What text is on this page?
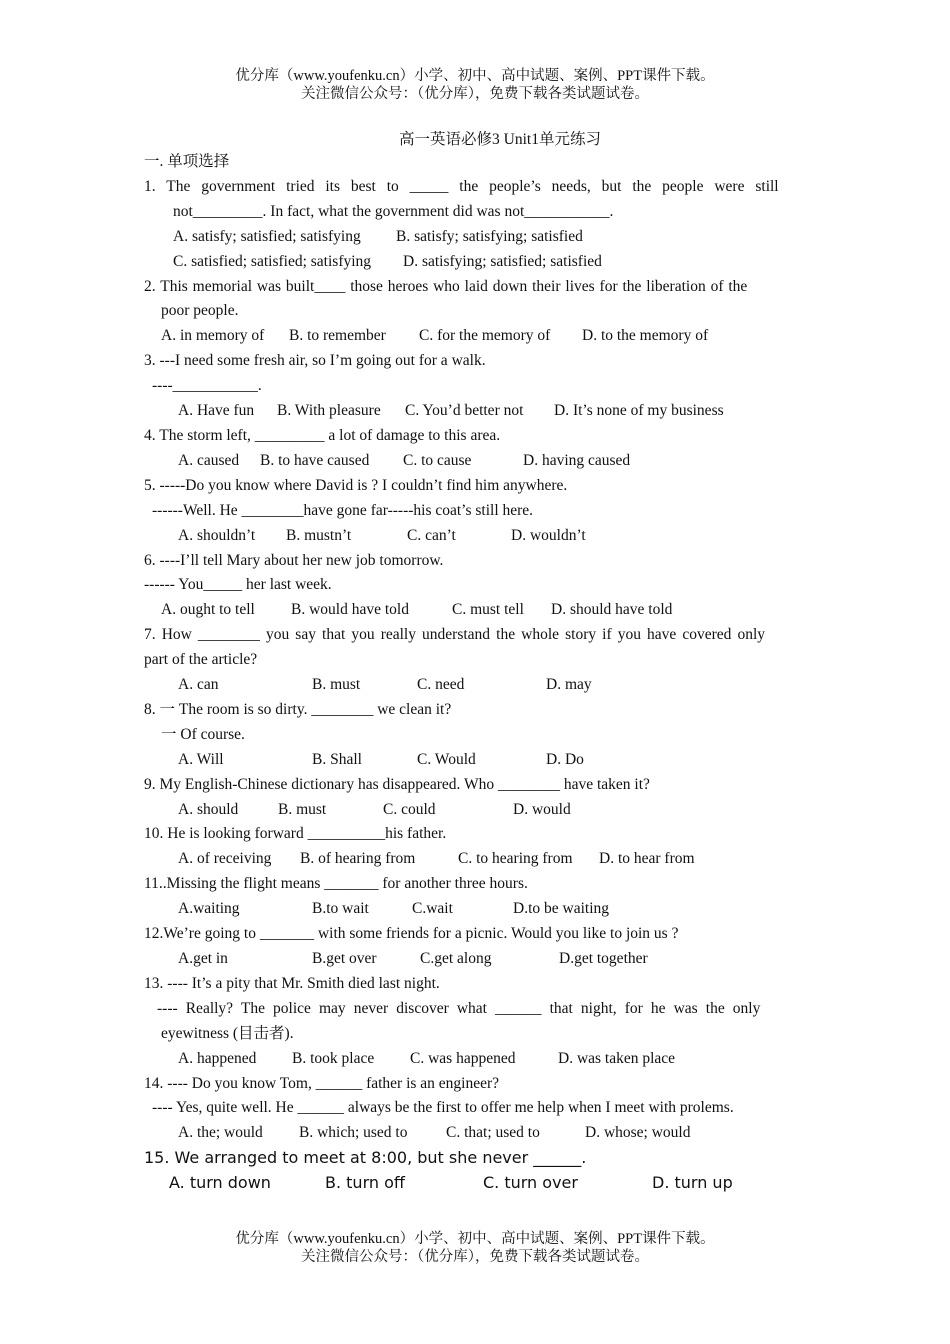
优分库（www.youfenku.cn）小学、初中、高中试题、案例、PPT课件下载。
关注微信公众号：（优分库），免费下载各类试题试卷。
高一英语必修3 Unit1单元练习
一. 单项选择
1. The government tried its best to _____ the people’s needs, but the people were still
not_________. In fact, what the government did was not___________.
A. satisfy; satisfied; satisfying B. satisfy; satisfying; satisfied
C. satisfied; satisfied; satisfying D. satisfying; satisfied; satisfied
2. This memorial was built____ those heroes who laid down their lives for the liberation of the
poor people.
A. in memory of B. to remember C. for the memory of D. to the memory of
3. ---I need some fresh air, so I’m going out for a walk.
----___________.
A. Have fun B. With pleasure C. You’d better not D. It’s none of my business
4. The storm left, _________ a lot of damage to this area.
A. caused B. to have caused C. to cause	D. having caused
5. -----Do you know where David is ? I couldn’t find him anywhere.
------Well. He ________have gone far-----his coat’s still here.
A. shouldn’t B. mustn’t	C. can’t	D. wouldn’t
6. ----I’ll tell Mary about her new job tomorrow.
------ You_____ her last week.
A. ought to tell B. would have told	C. must tell D. should have told
7. How ________ you say that you really understand the whole story if you have covered only
part of the article?
A. can	B. must	C. need	D. may
8. 一 The room is so dirty. ________ we clean it?
一 Of course.
A. Will	B. Shall	C. Would	D. Do
9. My English-Chinese dictionary has disappeared. Who ________ have taken it?
A. should	B. must	C. could	D. would
10. He is looking forward __________his father.
A. of receiving B. of hearing from	C. to hearing from D. to hear from
11..Missing the flight means _______ for another three hours.
A.waiting	B.to wait	C.wait	D.to be waiting
12.We’re going to _______ with some friends for a picnic. Would you like to join us ?
A.get in	B.get over	C.get along	D.get together
13. ---- It’s a pity that Mr. Smith died last night.
---- Really? The police may never discover what ______ that night, for he was the only
eyewitness (目击者).
A. happened B. took place C. was happened	D. was taken place
14. ---- Do you know Tom, ______ father is an engineer?
---- Yes, quite well. He ______ always be the first to offer me help when I meet with prolems.
A. the; would B. which; used to C. that; used to	D. whose; would
15. We arranged to meet at 8:00, but she never ______.
A. turn down	B. turn off	C. turn over	D. turn up
优分库（www.youfenku.cn）小学、初中、高中试题、案例、PPT课件下载。
关注微信公众号：（优分库），免费下载各类试题试卷。
